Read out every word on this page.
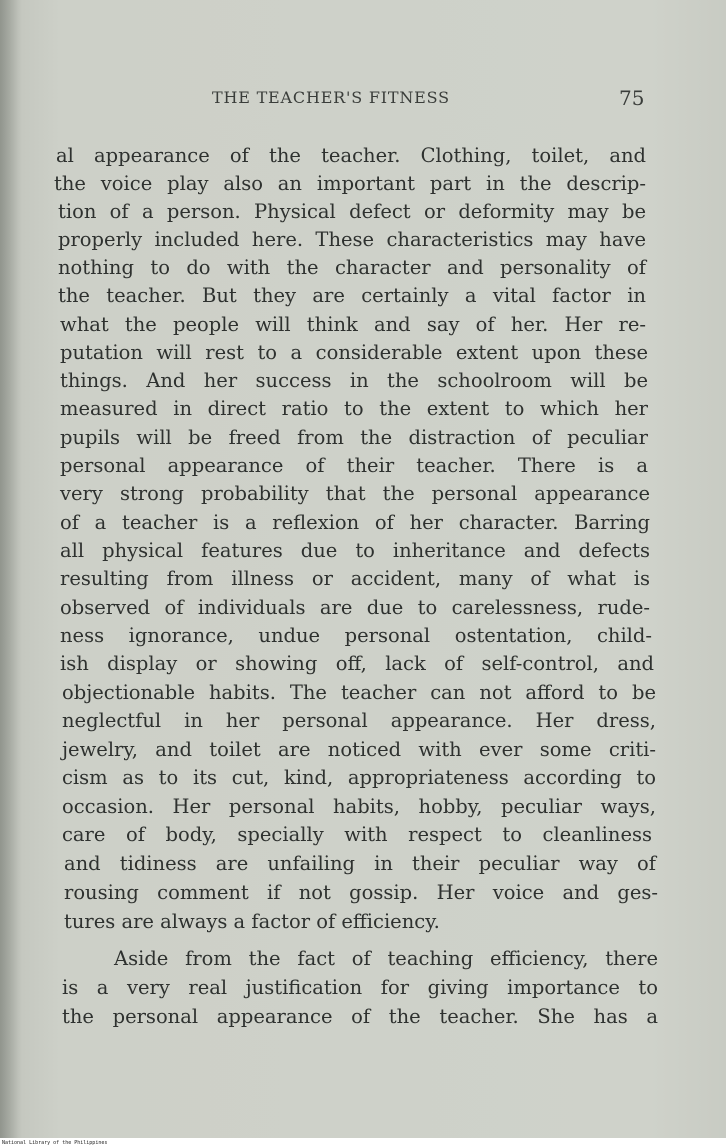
THE TEACHER'S FITNESS	75
al appearance of the teacher. Clothing, toilet, and
the voice play also an important part in the descrip-
tion of a person. Physical defect or deformity may be
properly included here. These characteristics may have
nothing to do with the character and personality of
the teacher. But they are certainly a vital factor in
what the people will think and say of her. Her re-
putation will rest to a considerable extent upon these
things. And her success in the schoolroom will be
measured in direct ratio to the extent to which her
pupils will be freed from the distraction of peculiar
personal appearance of their teacher. There is a
very strong probability that the personal appearance
of a teacher is a reflexion of her character. Barring
all physical features due to inheritance and defects
resulting from illness or accident, many of what is
observed of individuals are due to carelessness, rude-
ness ignorance, undue personal ostentation, child-
ish display or showing off, lack of self-control, and
objectionable habits. The teacher can not afford to be
neglectful in her personal appearance. Her dress,
jewelry, and toilet are noticed with ever some criti-
cism as to its cut, kind, appropriateness according to
occasion. Her personal habits, hobby, peculiar ways,
care of body, specially with respect to cleanliness
and tidiness are unfailing in their peculiar way of
rousing comment if not gossip. Her voice and ges-
tures are always a factor of efficiency.
Aside from the fact of teaching efficiency, there
is a very real justification for giving importance to
the personal appearance of the teacher. She has a
National Library of the Philippines
